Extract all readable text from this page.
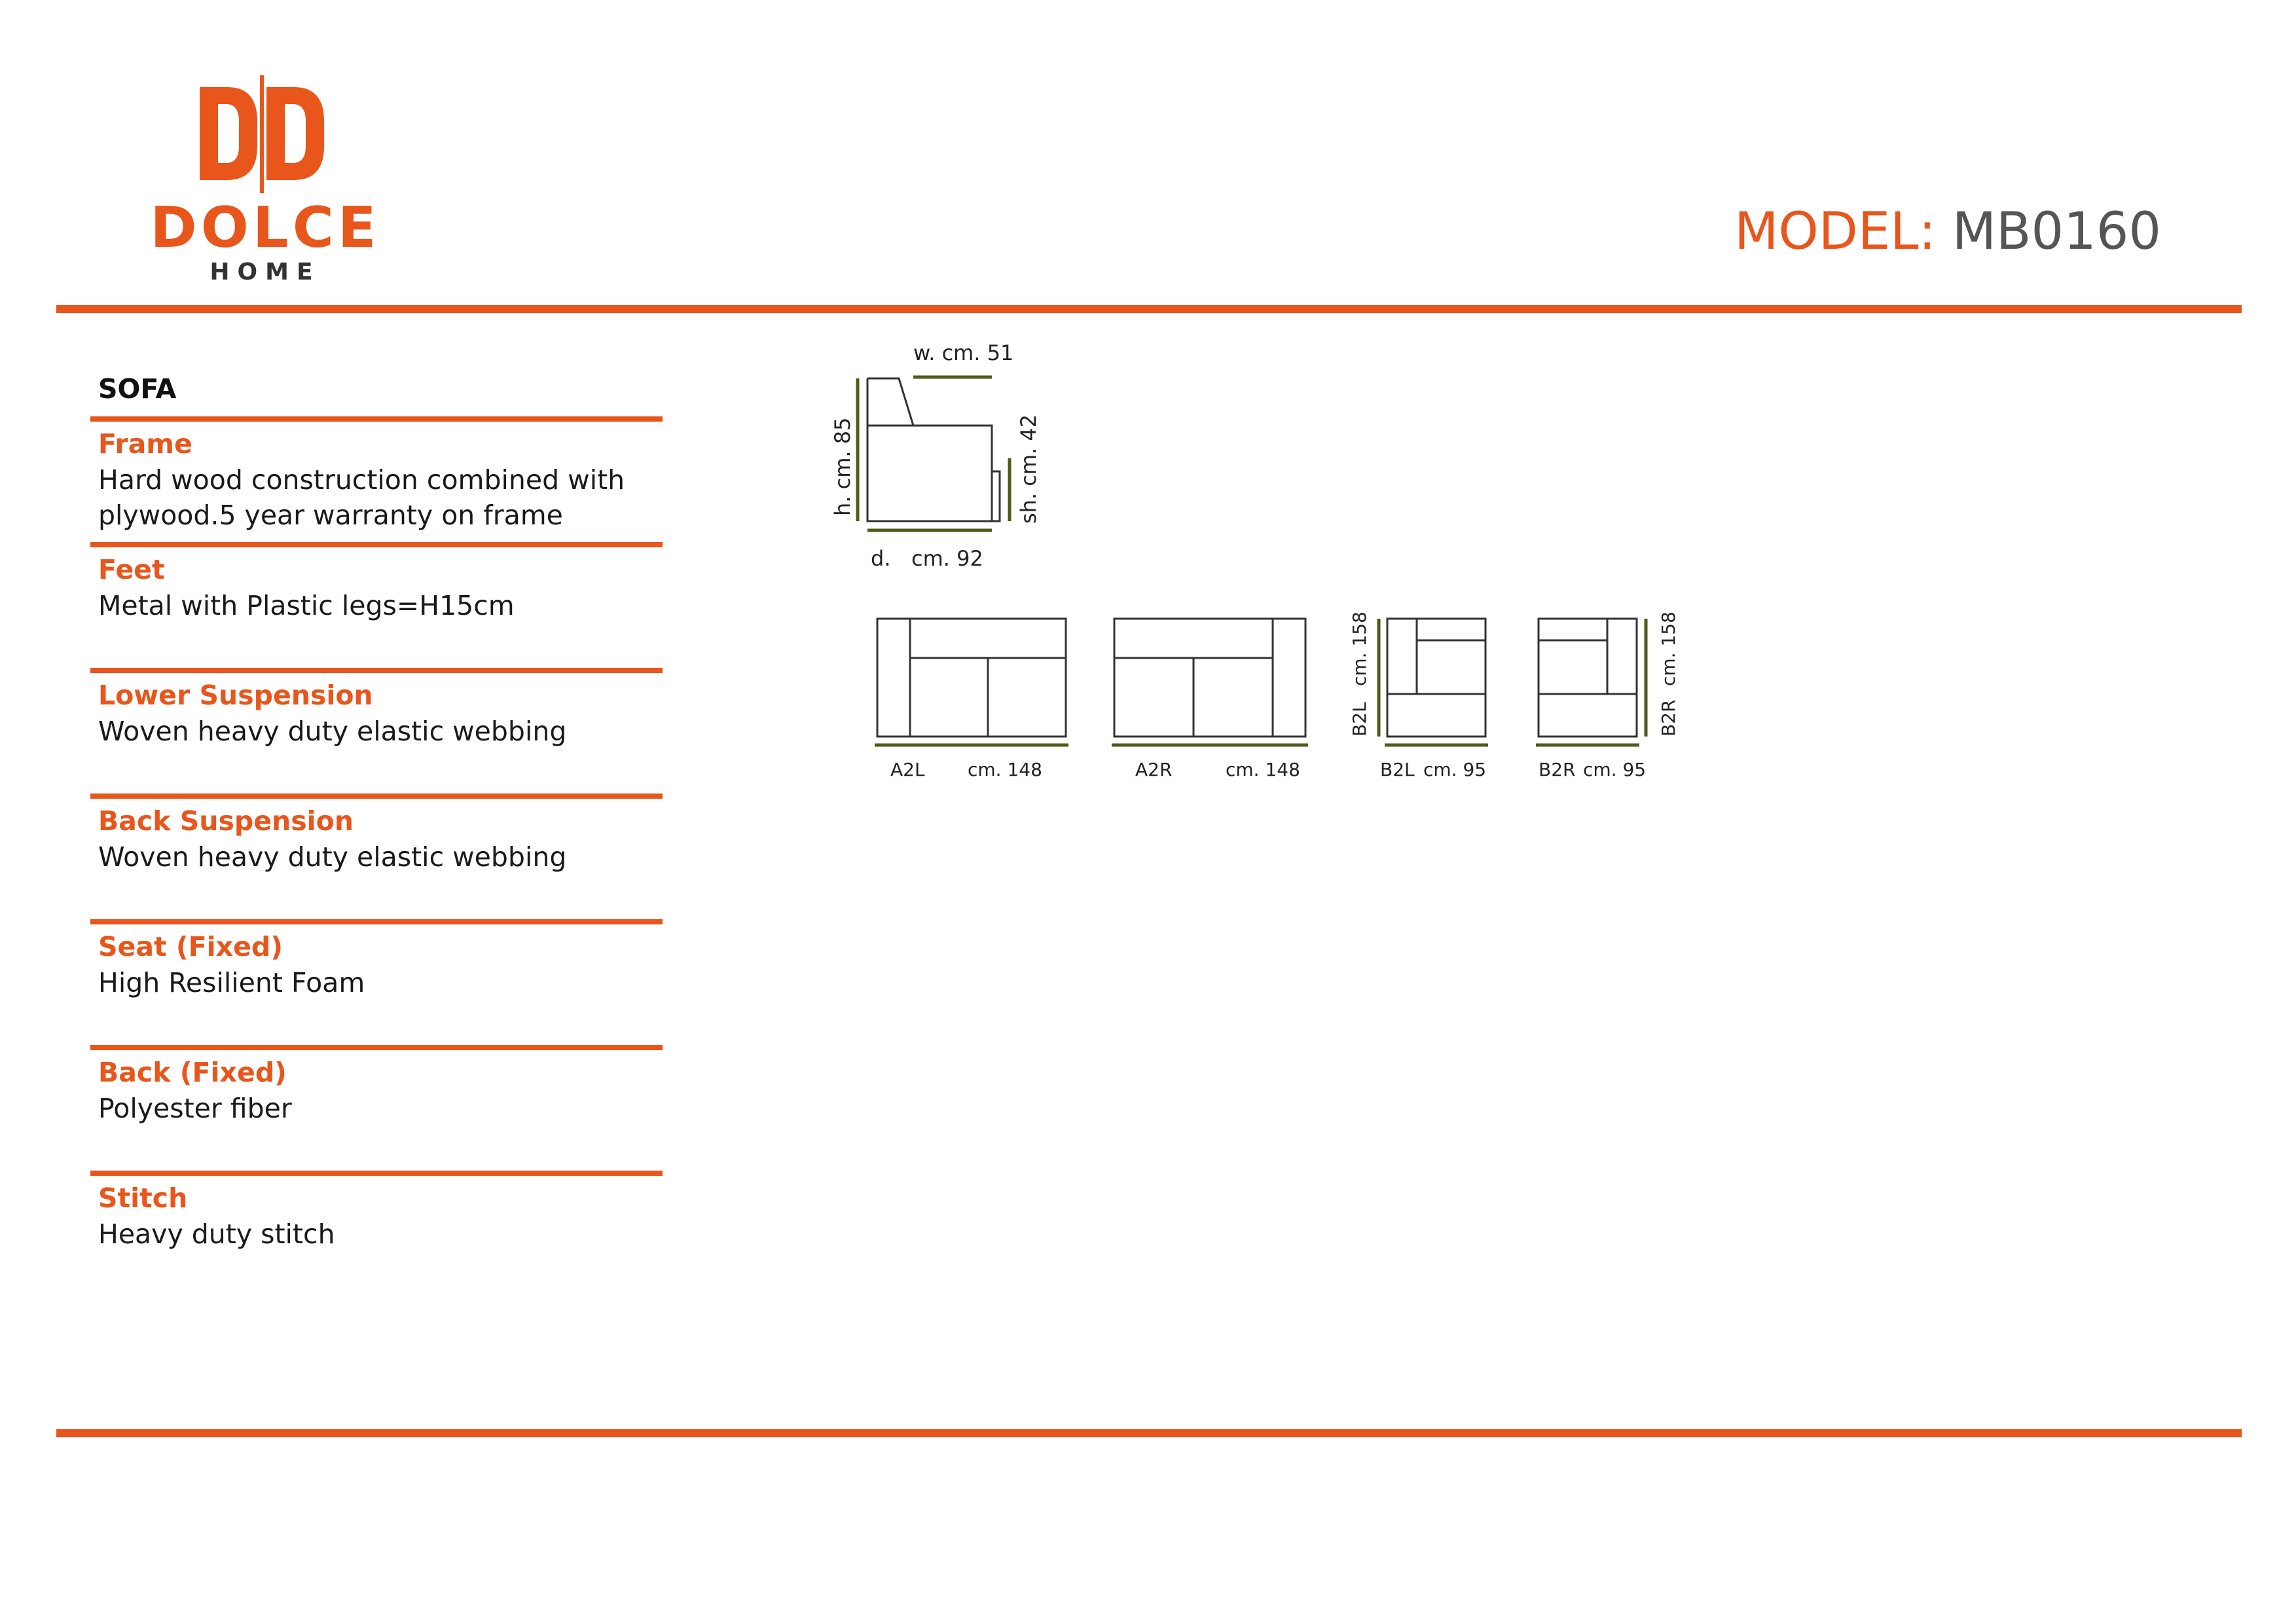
DOLCE
HOME
MODEL: MB0160
SOFA
Frame
Hard wood construction combined with plywood.5 year warranty on frame
Feet
Metal with Plastic legs=H15cm
Lower Suspension
Woven heavy duty elastic webbing
Back Suspension
Woven heavy duty elastic webbing
Seat (Fixed)
High Resilient Foam
Back (Fixed)
Polyester fiber
Stitch
Heavy duty stitch
w. cm. 51
h. cm. 85	sh. cm. 42
d. cm. 92
A2L cm. 148	A2R	cm. 148
B2L
cm. 158
B2L cm. 95
B2R
cm. 158
B2R cm. 95
